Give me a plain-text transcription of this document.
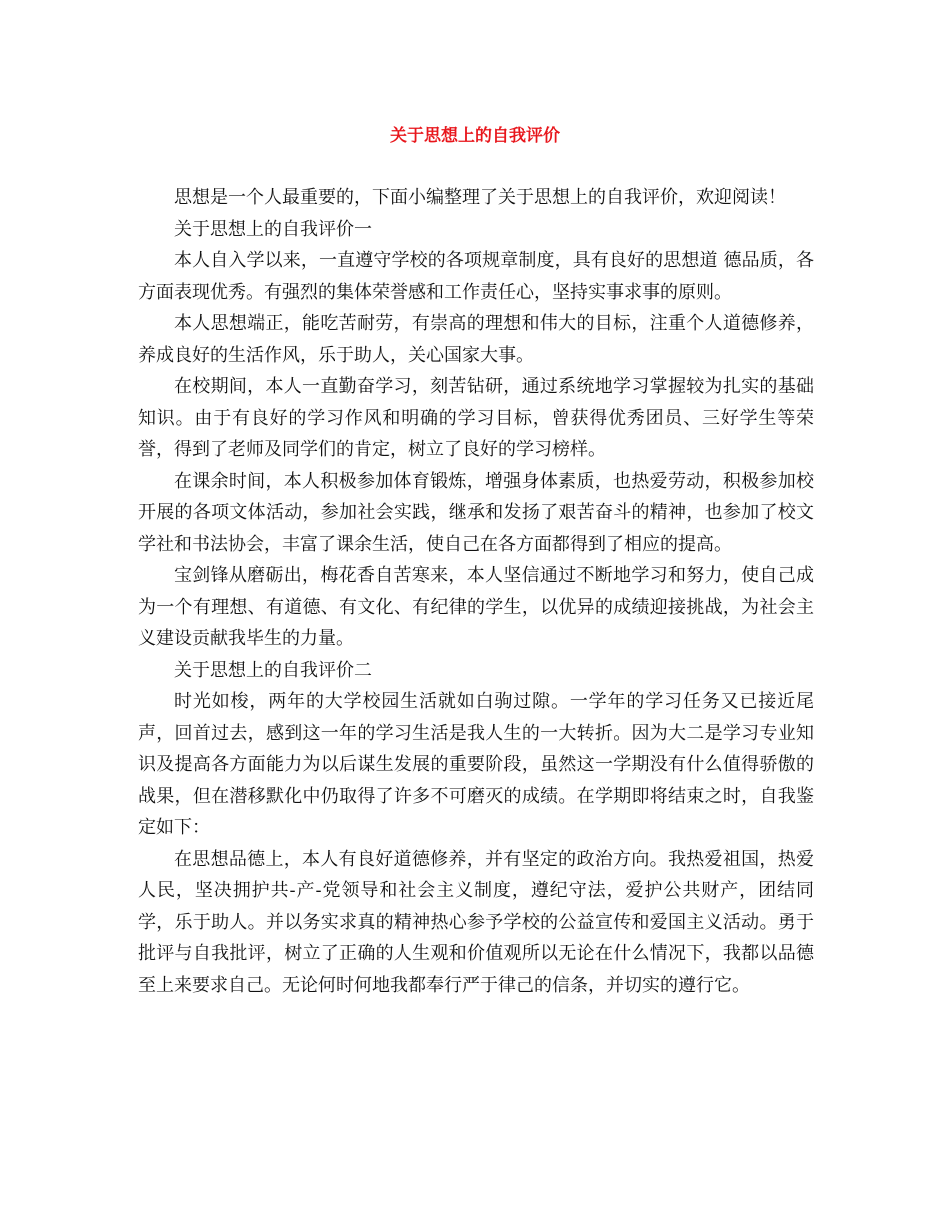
关于思想上的自我评价

思想是一个人最重要的，下面小编整理了关于思想上的自我评价，欢迎阅读！

关于思想上的自我评价一

本人自入学以来，一直遵守学校的各项规章制度，具有良好的思想道 德品质，各方面表现优秀。有强烈的集体荣誉感和工作责任心，坚持实事求事的原则。

本人思想端正，能吃苦耐劳，有崇高的理想和伟大的目标，注重个人道德修养，养成良好的生活作风，乐于助人，关心国家大事。

在校期间，本人一直勤奋学习，刻苦钻研，通过系统地学习掌握较为扎实的基础知识。由于有良好的学习作风和明确的学习目标，曾获得优秀团员、三好学生等荣誉，得到了老师及同学们的肯定，树立了良好的学习榜样。

在课余时间，本人积极参加体育锻炼，增强身体素质，也热爱劳动，积极参加校开展的各项文体活动，参加社会实践，继承和发扬了艰苦奋斗的精神，也参加了校文学社和书法协会，丰富了课余生活，使自己在各方面都得到了相应的提高。

宝剑锋从磨砺出，梅花香自苦寒来，本人坚信通过不断地学习和努力，使自己成为一个有理想、有道德、有文化、有纪律的学生，以优异的成绩迎接挑战，为社会主义建设贡献我毕生的力量。

关于思想上的自我评价二

时光如梭，两年的大学校园生活就如白驹过隙。一学年的学习任务又已接近尾声，回首过去，感到这一年的学习生活是我人生的一大转折。因为大二是学习专业知识及提高各方面能力为以后谋生发展的重要阶段，虽然这一学期没有什么值得骄傲的战果，但在潜移默化中仍取得了许多不可磨灭的成绩。在学期即将结束之时，自我鉴定如下：

在思想品德上，本人有良好道德修养，并有坚定的政治方向。我热爱祖国，热爱人民，坚决拥护共-产-党领导和社会主义制度，遵纪守法，爱护公共财产，团结同学，乐于助人。并以务实求真的精神热心参予学校的公益宣传和爱国主义活动。勇于批评与自我批评，树立了正确的人生观和价值观所以无论在什么情况下，我都以品德至上来要求自己。无论何时何地我都奉行严于律己的信条，并切实的遵行它。
